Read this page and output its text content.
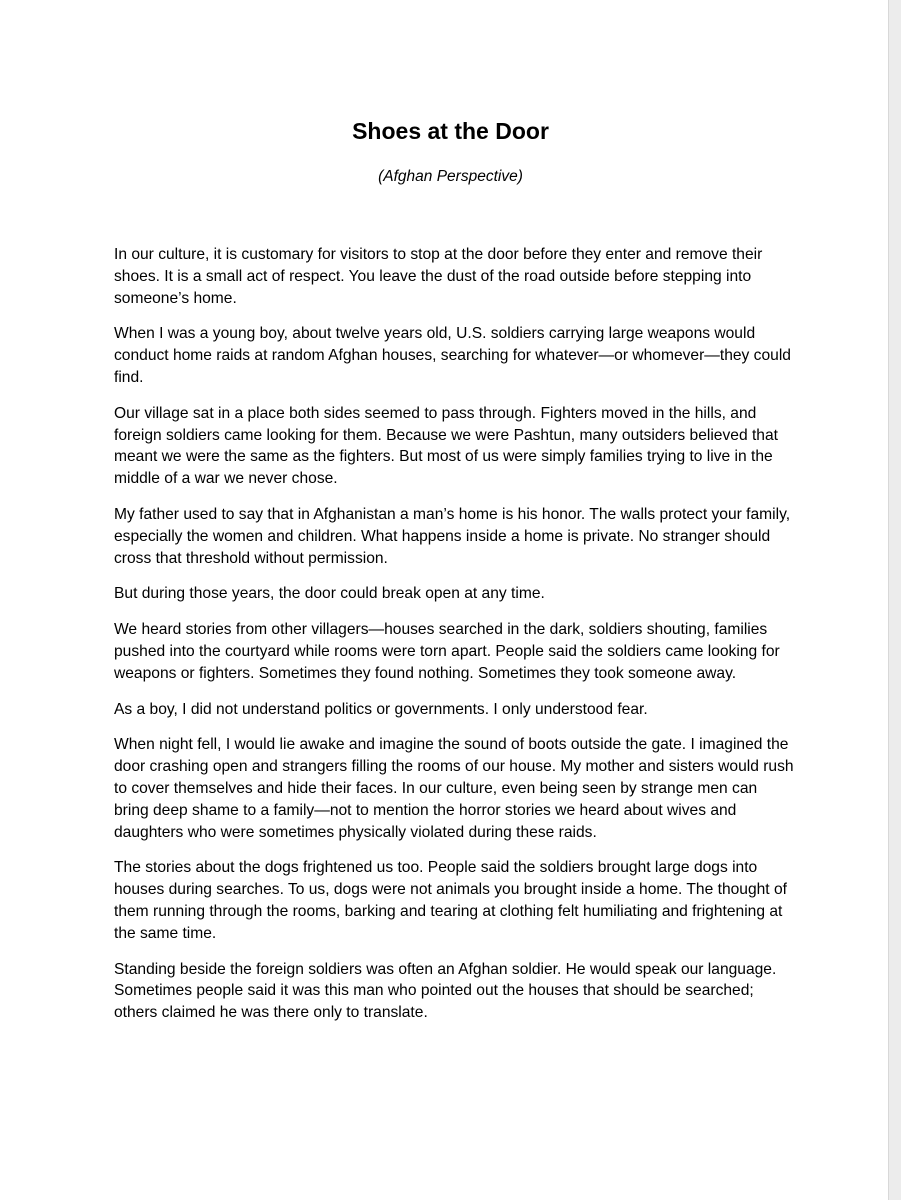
Shoes at the Door

(Afghan Perspective)

In our culture, it is customary for visitors to stop at the door before they enter and remove their shoes. It is a small act of respect. You leave the dust of the road outside before stepping into someone’s home.

When I was a young boy, about twelve years old, U.S. soldiers carrying large weapons would conduct home raids at random Afghan houses, searching for whatever—or whomever—they could find.

Our village sat in a place both sides seemed to pass through. Fighters moved in the hills, and foreign soldiers came looking for them. Because we were Pashtun, many outsiders believed that meant we were the same as the fighters. But most of us were simply families trying to live in the middle of a war we never chose.

My father used to say that in Afghanistan a man’s home is his honor. The walls protect your family, especially the women and children. What happens inside a home is private. No stranger should cross that threshold without permission.

But during those years, the door could break open at any time.

We heard stories from other villagers—houses searched in the dark, soldiers shouting, families pushed into the courtyard while rooms were torn apart. People said the soldiers came looking for weapons or fighters. Sometimes they found nothing. Sometimes they took someone away.

As a boy, I did not understand politics or governments. I only understood fear.

When night fell, I would lie awake and imagine the sound of boots outside the gate. I imagined the door crashing open and strangers filling the rooms of our house. My mother and sisters would rush to cover themselves and hide their faces. In our culture, even being seen by strange men can bring deep shame to a family—not to mention the horror stories we heard about wives and daughters who were sometimes physically violated during these raids.

The stories about the dogs frightened us too. People said the soldiers brought large dogs into houses during searches. To us, dogs were not animals you brought inside a home. The thought of them running through the rooms, barking and tearing at clothing felt humiliating and frightening at the same time.

Standing beside the foreign soldiers was often an Afghan soldier. He would speak our language. Sometimes people said it was this man who pointed out the houses that should be searched; others claimed he was there only to translate.
